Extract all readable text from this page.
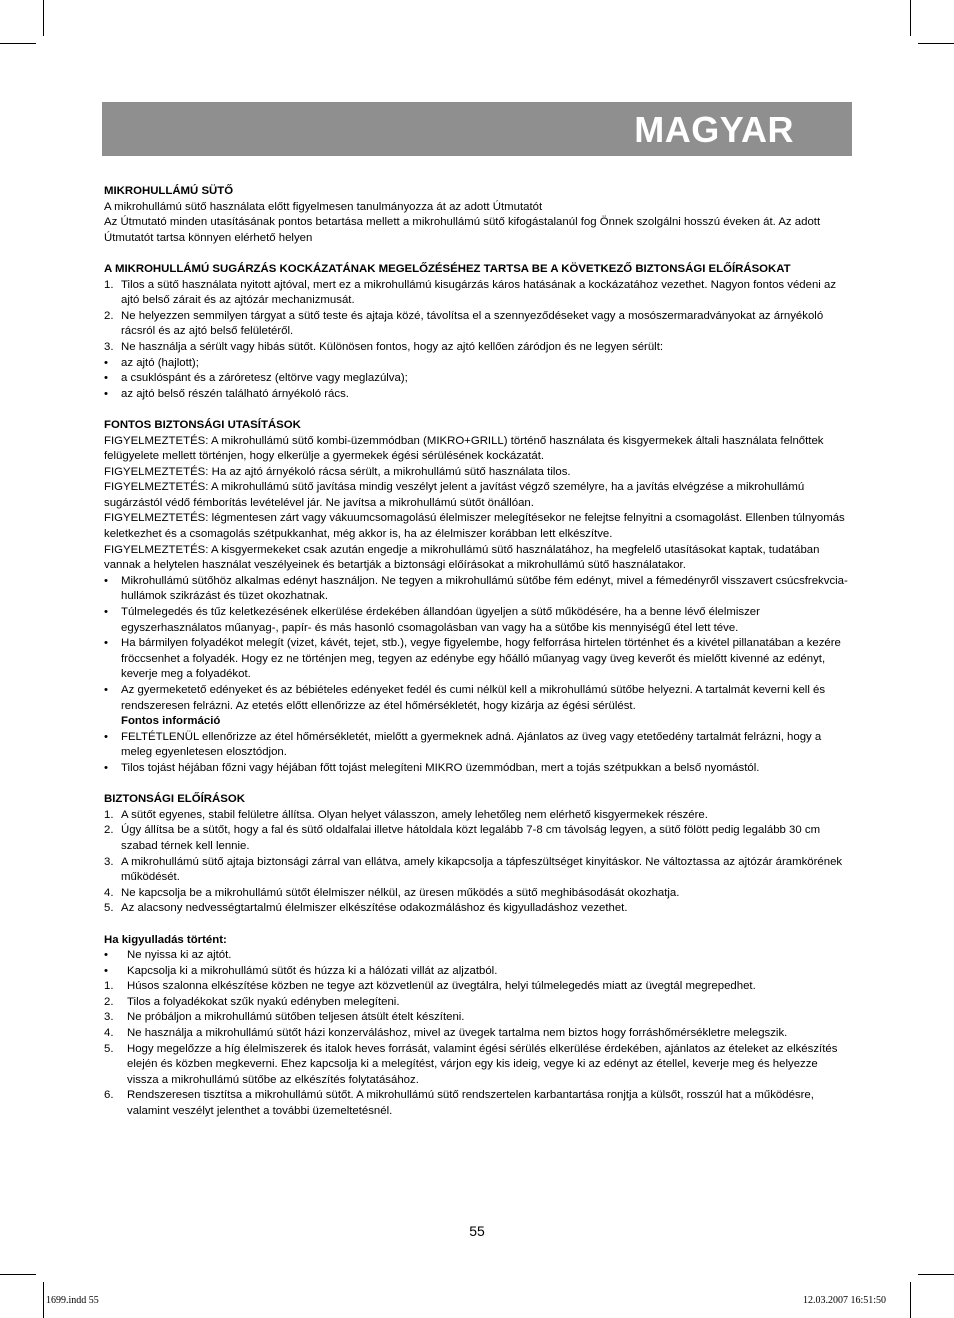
MAGYAR
MIKROHULLÁMÚ SÜTŐ
A mikrohullámú sütő használata előtt figyelmesen tanulmányozza át az adott Útmutatót
Az Útmutató minden utasításának pontos betartása mellett a mikrohullámú sütő kifogástalanúl fog Önnek szolgálni hosszú éveken át. Az adott Útmutatót tartsa könnyen elérhető helyen
A MIKROHULLÁMÚ SUGÁRZÁS KOCKÁZATÁNAK MEGELŐZÉSÉHEZ TARTSA BE A KÖVETKEZŐ BIZTONSÁGI ELŐÍRÁSOKAT
1. Tilos a sütő használata nyitott ajtóval, mert ez a mikrohullámú kisugárzás káros hatásának a kockázatához vezethet. Nagyon fontos védeni az ajtó belső zárait és az ajtózár mechanizmusát.
2. Ne helyezzen semmilyen tárgyat a sütő teste és ajtaja közé, távolítsa el a szennyeződéseket vagy a mosószermaradványokat az árnyékoló rácsról és az ajtó belső felületéről.
3. Ne használja a sérült vagy hibás sütőt. Különösen fontos, hogy az ajtó kellően záródjon és ne legyen sérült:
• az ajtó (hajlott);
• a csuklóspánt és a záróretesz (eltörve vagy meglazúlva);
• az ajtó belső részén található árnyékoló rács.
FONTOS BIZTONSÁGI UTASÍTÁSOK
FIGYELMEZTETÉS: A mikrohullámú sütő kombi-üzemmódban (MIKRO+GRILL) történő használata és kisgyermekek általi használata felnőttek felügyelete mellett történjen, hogy elkerülje a gyermekek égési sérülésének kockázatát.
FIGYELMEZTETÉS: Ha az ajtó árnyékoló rácsa sérült, a mikrohullámú sütő használata tilos.
FIGYELMEZTETÉS: A mikrohullámú sütő javítása mindig veszélyt jelent a javítást végző személyre, ha a javítás elvégzése a mikrohullámú sugárzástól védő fémborítás levételével jár. Ne javítsa a mikrohullámú sütőt önállóan.
FIGYELMEZTETÉS: légmentesen zárt vagy vákuumcsomagolású élelmiszer melegítésekor ne felejtse felnyitni a csomagolást. Ellenben túlnyomás keletkezhet és a csomagolás szétpukkanhat, még akkor is, ha az élelmiszer korábban lett elkészítve.
FIGYELMEZTETÉS: A kisgyermekeket csak azután engedje a mikrohullámú sütő használatához, ha megfelelő utasításokat kaptak, tudatában vannak a helytelen használat veszélyeinek és betartják a biztonsági előírásokat a mikrohullámú sütő használatakor.
• Mikrohullámú sütőhöz alkalmas edényt használjon. Ne tegyen a mikrohullámú sütőbe fém edényt, mivel a fémedényről visszavert csúcsfrekvcia-hullámok szikrázást és tüzet okozhatnak.
• Túlmelegedés és tűz keletkezésének elkerülése érdekében állandóan ügyeljen a sütő működésére, ha a benne lévő élelmiszer egyszerhasználatos műanyag-, papír- és más hasonló csomagolásban van vagy ha a sütőbe kis mennyiségű étel lett téve.
• Ha bármilyen folyadékot melegít (vizet, kávét, tejet, stb.), vegye figyelembe, hogy felforrása hirtelen történhet és a kivétel pillanatában a kezére fröccsenhet a folyadék. Hogy ez ne történjen meg, tegyen az edénybe egy hőálló műanyag vagy üveg keverőt és mielőtt kivenné az edényt, keverje meg a folyadékot.
• Az gyermeketető edényeket és az bébiételes edényeket fedél és cumi nélkül kell a mikrohullámú sütőbe helyezni. A tartalmát keverni kell és rendszeresen felrázni. Az etetés előtt ellenőrizze az étel hőmérsékletét, hogy kizárja az égési sérülést.
Fontos információ
• FELTÉTLENÜL ellenőrizze az étel hőmérsékletét, mielőtt a gyermeknek adná. Ajánlatos az üveg vagy etetőedény tartalmát felrázni, hogy a meleg egyenletesen elosztódjon.
• Tilos tojást héjában főzni vagy héjában főtt tojást melegíteni MIKRO üzemmódban, mert a tojás szétpukkan a belső nyomástól.
BIZTONSÁGI ELŐÍRÁSOK
1. A sütőt egyenes, stabil felületre állítsa. Olyan helyet válasszon, amely lehetőleg nem elérhető kisgyermekek részére.
2. Úgy állítsa be a sütőt, hogy a fal és sütő oldalfalai illetve hátoldala közt legalább 7-8 cm távolság legyen, a sütő fölött pedig legalább 30 cm szabad térnek kell lennie.
3. A mikrohullámú sütő ajtaja biztonsági zárral van ellátva, amely kikapcsolja a tápfeszültséget kinyitáskor. Ne változtassa az ajtózár áramkörének működését.
4. Ne kapcsolja be a mikrohullámú sütőt élelmiszer nélkül, az üresen működés a sütő meghibásodását okozhatja.
5. Az alacsony nedvességtartalmú élelmiszer elkészítése odakozmáláshoz és kigyulladáshoz vezethet.
Ha kigyulladás történt:
•	Ne nyissa ki az ajtót.
•	Kapcsolja ki a mikrohullámú sütőt és húzza ki a hálózati villát az aljzatból.
1.	Húsos szalonna elkészítése közben ne tegye azt közvetlenül az üvegtálra, helyi túlmelegedés miatt az üvegtál megrepedhet.
2.	Tilos a folyadékokat szűk nyakú edényben melegíteni.
3.	Ne próbáljon a mikrohullámú sütőben teljesen átsült ételt készíteni.
4.	Ne használja a mikrohullámú sütőt házi konzerváláshoz, mivel az üvegek tartalma nem biztos hogy forráshőmérsékletre melegszik.
5.	Hogy megelőzze a híg élelmiszerek és italok heves forrását, valamint égési sérülés elkerülése érdekében, ajánlatos az ételeket az elkészítés elején és közben megkeverni. Ehez kapcsolja ki a melegítést, várjon egy kis ideig, vegye ki az edényt az étellel, keverje meg és helyezze vissza a mikrohullámú sütőbe az elkészítés folytatásához.
6.	Rendszeresen tisztítsa a mikrohullámú sütőt. A mikrohullámú sütő rendszertelen karbantartása ronjtja a külsőt, rosszúl hat a működésre, valamint veszélyt jelenthet a további üzemeltetésnél.
55
1699.indd 55	12.03.2007 16:51:50
